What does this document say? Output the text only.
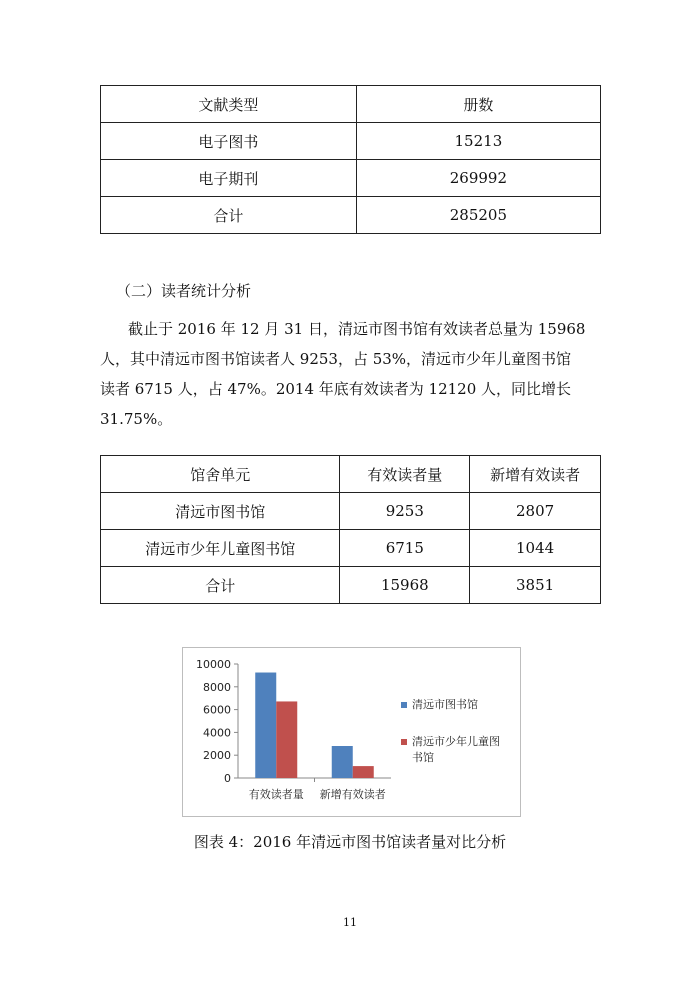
文献类型	册数
电子图书	15213
电子期刊	269992
合计	285205
（二）读者统计分析

截止于 2016 年 12 月 31 日，清远市图书馆有效读者总量为 15968

人，其中清远市图书馆读者人 9253，占 53%，清远市少年儿童图书馆

读者 6715 人，占 47%。2014 年底有效读者为 12120 人，同比增长

31.75%。

馆舍单元	有效读者量	新增有效读者
清远市图书馆	9253	2807
清远市少年儿童图书馆	6715	1044
合计	15968	3851
0
2000
4000
6000
8000
10000
有效读者量 新增有效读者
清远市图书馆
清远市少年儿童图
书馆
图表 4：2016 年清远市图书馆读者量对比分析
11
